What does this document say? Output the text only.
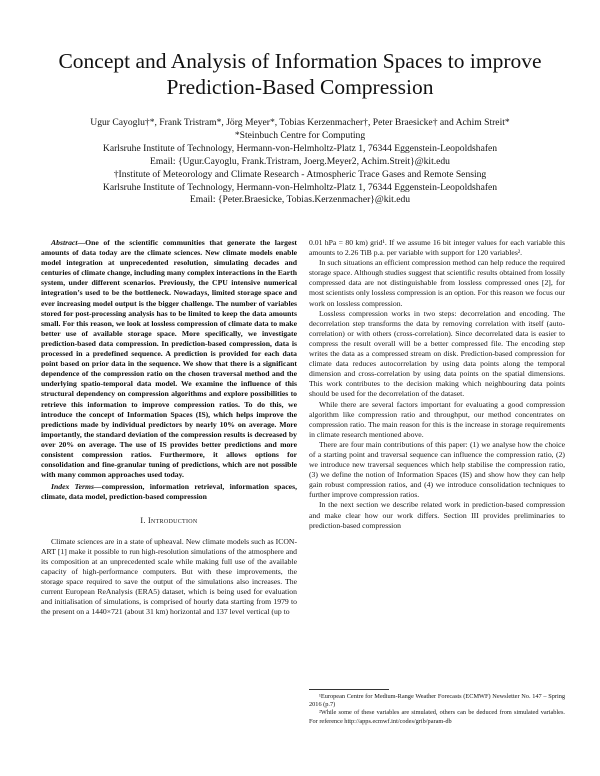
Concept and Analysis of Information Spaces to improve Prediction-Based Compression
Ugur Cayoglu†*, Frank Tristram*, Jörg Meyer*, Tobias Kerzenmacher†, Peter Braesicke† and Achim Streit*
*Steinbuch Centre for Computing
Karlsruhe Institute of Technology, Hermann-von-Helmholtz-Platz 1, 76344 Eggenstein-Leopoldshafen
Email: {Ugur.Cayoglu, Frank.Tristram, Joerg.Meyer2, Achim.Streit}@kit.edu
†Institute of Meteorology and Climate Research - Atmospheric Trace Gases and Remote Sensing
Karlsruhe Institute of Technology, Hermann-von-Helmholtz-Platz 1, 76344 Eggenstein-Leopoldshafen
Email: {Peter.Braesicke, Tobias.Kerzenmacher}@kit.edu

Abstract—One of the scientific communities that generate the largest amounts of data today are the climate sciences. New climate models enable model integration at unprecedented resolution, simulating decades and centuries of climate change, including many complex interactions in the Earth system, under different scenarios. Previously, the CPU intensive numerical integration’s used to be the bottleneck. Nowadays, limited storage space and ever increasing model output is the bigger challenge. The number of variables stored for post-processing analysis has to be limited to keep the data amounts small. For this reason, we look at lossless compression of climate data to make better use of available storage space. More specifically, we investigate prediction-based data compression. In prediction-based compression, data is processed in a predefined sequence. A prediction is provided for each data point based on prior data in the sequence. We show that there is a significant dependence of the compression ratio on the chosen traversal method and the underlying spatio-temporal data model. We examine the influence of this structural dependency on compression algorithms and explore possibilities to retrieve this information to improve compression ratios. To do this, we introduce the concept of Information Spaces (IS), which helps improve the predictions made by individual predictors by nearly 10% on average. More importantly, the standard deviation of the compression results is decreased by over 20% on average. The use of IS provides better predictions and more consistent compression ratios. Furthermore, it allows options for consolidation and fine-granular tuning of predictions, which are not possible with many common approaches used today.

Index Terms—compression, information retrieval, information spaces, climate, data model, prediction-based compression

I. Introduction

Climate sciences are in a state of upheaval. New climate models such as ICON-ART [1] make it possible to run high-resolution simulations of the atmosphere and its composition at an unprecedented scale while making full use of the available capacity of high-performance computers. But with these improvements, the storage space required to save the output of the simulations also increases. The current European ReAnalysis (ERA5) dataset, which is being used for evaluation and initialisation of simulations, is comprised of hourly data starting from 1979 to the present on a 1440×721 (about 31 km) horizontal and 137 level vertical (up to

0.01 hPa = 80 km) grid¹. If we assume 16 bit integer values for each variable this amounts to 2.26 TiB p.a. per variable with support for 120 variables².

In such situations an efficient compression method can help reduce the required storage space. Although studies suggest that scientific results obtained from lossily compressed data are not distinguishable from lossless compressed ones [2], for most scientists only lossless compression is an option. For this reason we focus our work on lossless compression.

Lossless compression works in two steps: decorrelation and encoding. The decorrelation step transforms the data by removing correlation with itself (auto-correlation) or with others (cross-correlation). Since decorrelated data is easier to compress the result overall will be a better compressed file. The encoding step writes the data as a compressed stream on disk. Prediction-based compression for climate data reduces autocorrelation by using data points along the temporal dimension and cross-correlation by using data points on the spatial dimensions. This work contributes to the decision making which neighbouring data points should be used for the decorrelation of the dataset.

While there are several factors important for evaluating a good compression algorithm like compression ratio and throughput, our method concentrates on compression ratio. The main reason for this is the increase in storage requirements in climate research mentioned above.

There are four main contributions of this paper: (1) we analyse how the choice of a starting point and traversal sequence can influence the compression ratio, (2) we introduce new traversal sequences which help stabilise the compression ratio, (3) we define the notion of Information Spaces (IS) and show how they can help gain robust compression ratios, and (4) we introduce consolidation techniques to further improve compression ratios.

In the next section we describe related work in prediction-based compression and make clear how our work differs. Section III provides preliminaries to prediction-based compression

¹European Centre for Medium-Range Weather Forecasts (ECMWF) Newsletter No. 147 – Spring 2016 (p.7)

²While some of these variables are simulated, others can be deduced from simulated variables. For reference http://apps.ecmwf.int/codes/grib/param-db
